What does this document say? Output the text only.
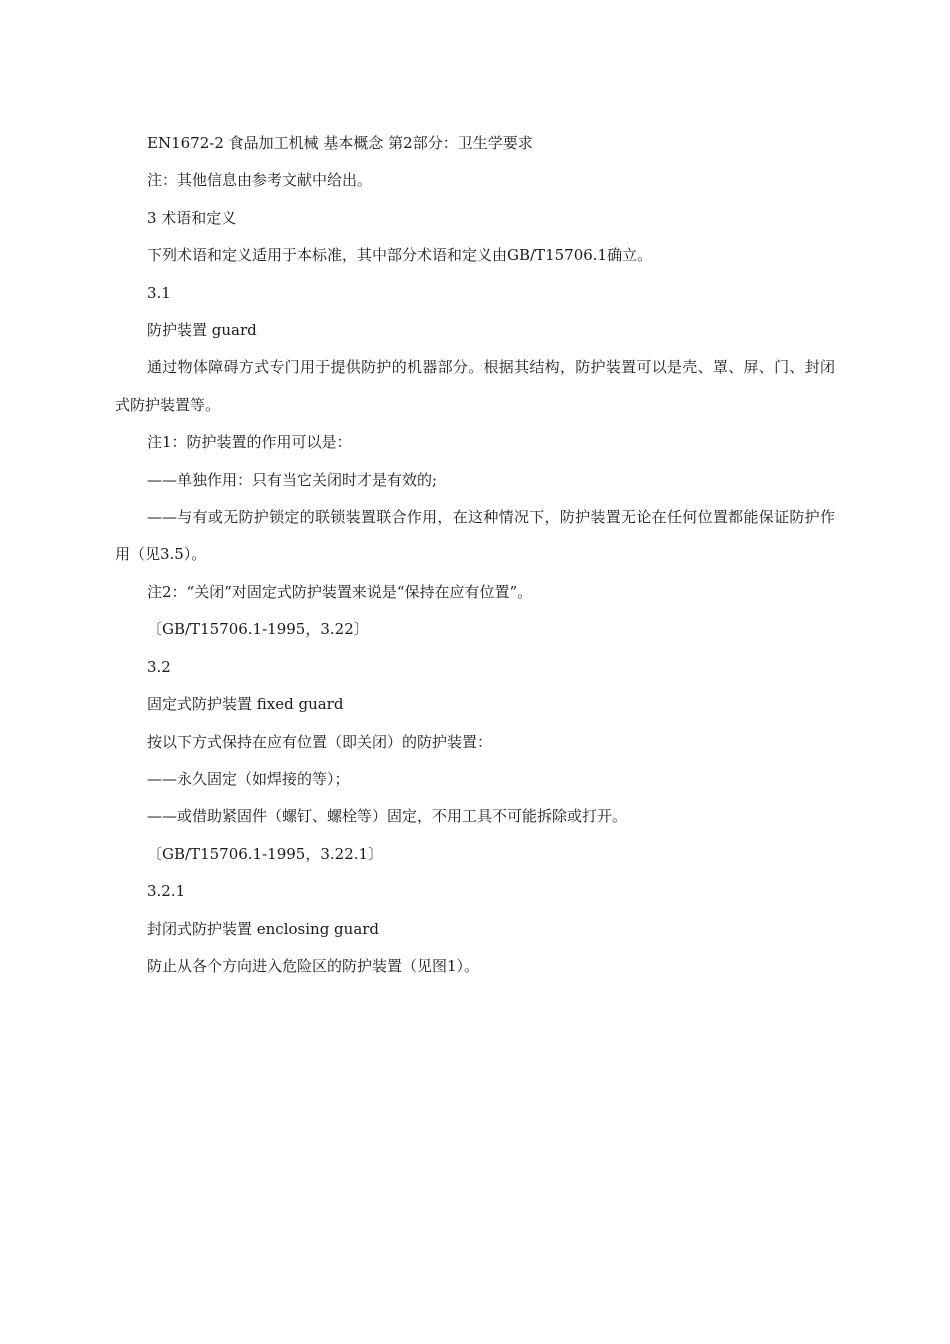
EN1672-2 食品加工机械 基本概念 第2部分：卫生学要求

注：其他信息由参考文献中给出。

3 术语和定义

下列术语和定义适用于本标准，其中部分术语和定义由GB/T15706.1确立。

3.1

防护装置 guard

通过物体障碍方式专门用于提供防护的机器部分。根据其结构，防护装置可以是壳、罩、屏、门、封闭式防护装置等。

注1：防护装置的作用可以是：

——单独作用：只有当它关闭时才是有效的;

——与有或无防护锁定的联锁装置联合作用，在这种情况下，防护装置无论在任何位置都能保证防护作用（见3.5）。

注2：“关闭”对固定式防护装置来说是“保持在应有位置”。

〔GB/T15706.1-1995，3.22〕

3.2

固定式防护装置 fixed guard

按以下方式保持在应有位置（即关闭）的防护装置：

——永久固定（如焊接的等）；

——或借助紧固件（螺钉、螺栓等）固定，不用工具不可能拆除或打开。

〔GB/T15706.1-1995，3.22.1〕

3.2.1

封闭式防护装置 enclosing guard

防止从各个方向进入危险区的防护装置（见图1）。
